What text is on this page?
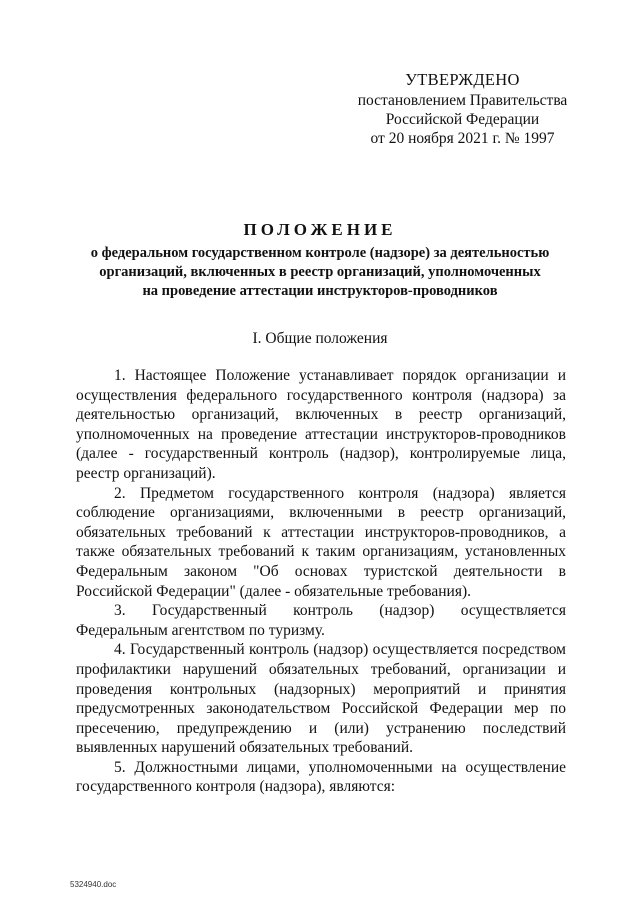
УТВЕРЖДЕНО
постановлением Правительства
Российской Федерации
от 20 ноября 2021 г. № 1997
ПОЛОЖЕНИЕ
о федеральном государственном контроле (надзоре) за деятельностью
организаций, включенных в реестр организаций, уполномоченных
на проведение аттестации инструкторов-проводников
I. Общие положения

1. Настоящее Положение устанавливает порядок организации и осуществления федерального государственного контроля (надзора) за деятельностью организаций, включенных в реестр организаций, уполномоченных на проведение аттестации инструкторов-проводников (далее - государственный контроль (надзор), контролируемые лица, реестр организаций).

2. Предметом государственного контроля (надзора) является соблюдение организациями, включенными в реестр организаций, обязательных требований к аттестации инструкторов-проводников, а также обязательных требований к таким организациям, установленных Федеральным законом "Об основах туристской деятельности в Российской Федерации" (далее - обязательные требования).

3. Государственный контроль (надзор) осуществляется Федеральным агентством по туризму.

4. Государственный контроль (надзор) осуществляется посредством профилактики нарушений обязательных требований, организации и проведения контрольных (надзорных) мероприятий и принятия предусмотренных законодательством Российской Федерации мер по пресечению, предупреждению и (или) устранению последствий выявленных нарушений обязательных требований.

5. Должностными лицами, уполномоченными на осуществление государственного контроля (надзора), являются:

5324940.doc
